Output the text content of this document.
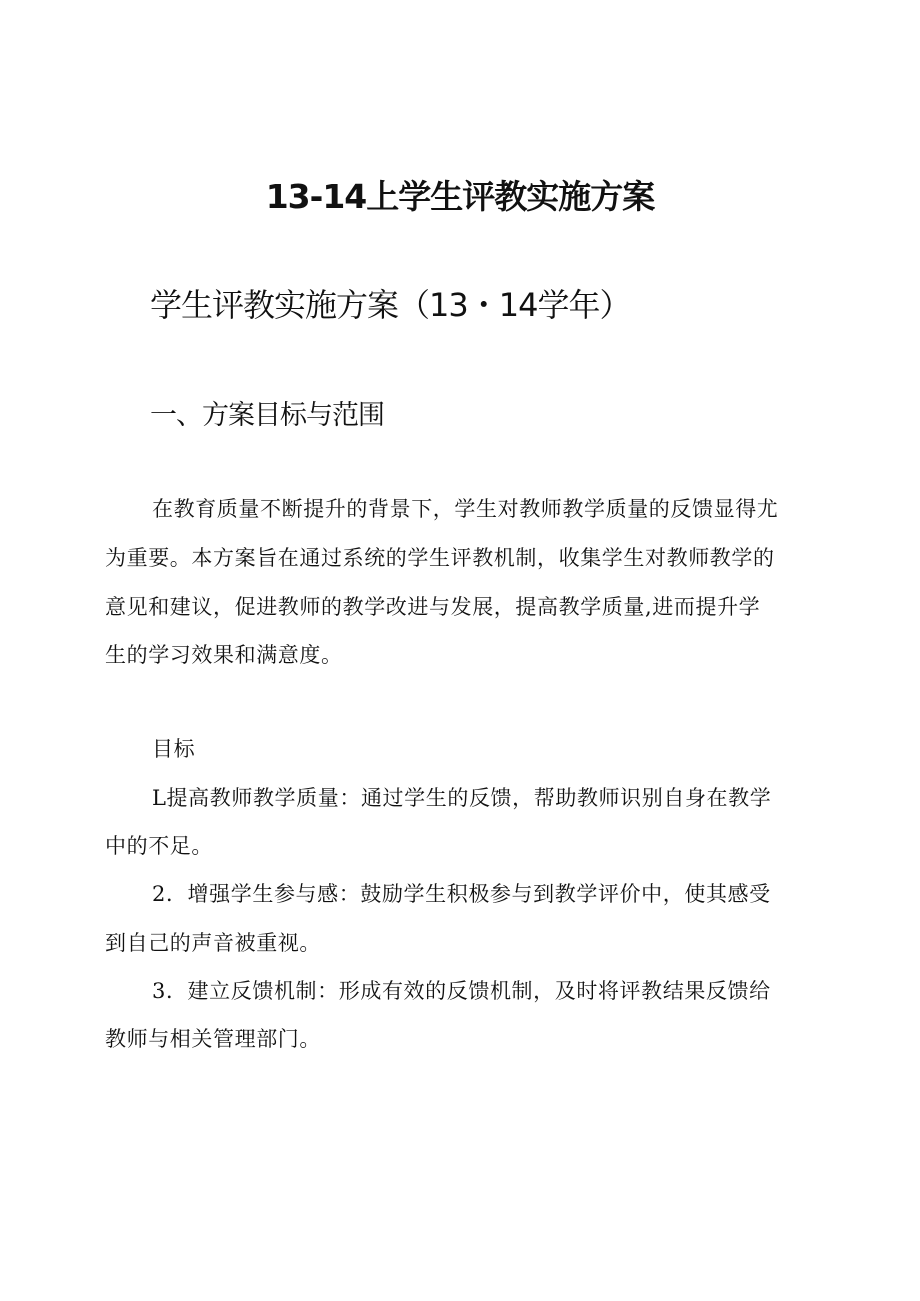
13-14上学生评教实施方案
学生评教实施方案（13・14学年）
一、方案目标与范围
在教育质量不断提升的背景下，学生对教师教学质量的反馈显得尤
为重要。本方案旨在通过系统的学生评教机制，收集学生对教师教学的
意见和建议，促进教师的教学改进与发展，提高教学质量,进而提升学
生的学习效果和满意度。
目标
L提高教师教学质量：通过学生的反馈，帮助教师识别自身在教学
中的不足。
2．增强学生参与感：鼓励学生积极参与到教学评价中，使其感受
到自己的声音被重视。
3．建立反馈机制：形成有效的反馈机制，及时将评教结果反馈给
教师与相关管理部门。
